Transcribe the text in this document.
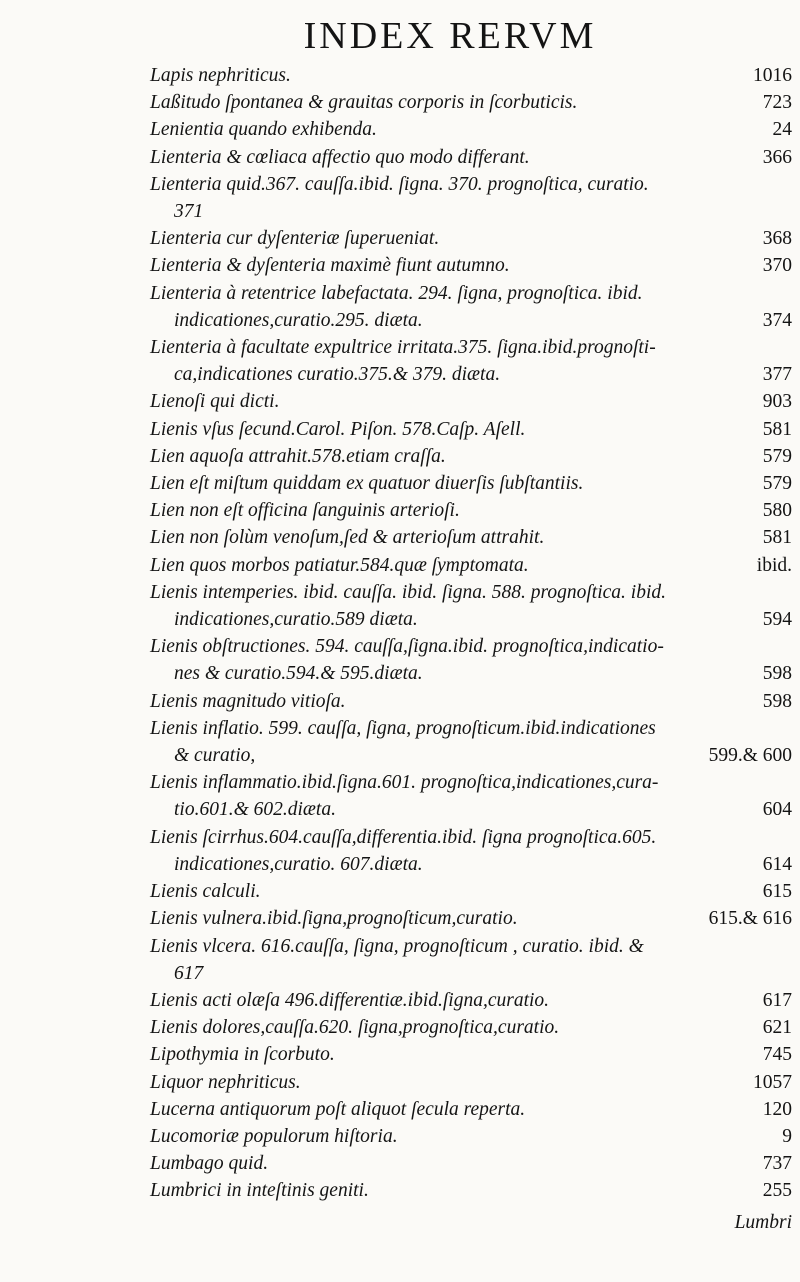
INDEX RERVM
Lapis nephriticus.	1016
Laßitudo ſpontanea & grauitas corporis in ſcorbuticis.	723
Lenientia quando exhibenda.	24
Lienteria & cœliaca affectio quo modo differant.	366
Lienteria quid.367. cauſſa.ibid. ſigna. 370. prognoſtica, curatio.
371
Lienteria cur dyſenteriæ ſuperueniat.	368
Lienteria & dyſenteria maximè fiunt autumno.	370
Lienteria à retentrice labefactata. 294. ſigna, prognoſtica. ibid.
indicationes,curatio.295. diæta.	374
Lienteria à facultate expultrice irritata.375. ſigna.ibid.prognoſti-
ca,indicationes curatio.375.& 379. diæta.	377
Lienoſi qui dicti.	903
Lienis vſus ſecund.Carol. Piſon. 578.Caſp. Aſell.	581
Lien aquoſa attrahit.578.etiam craſſa.	579
Lien eſt miſtum quiddam ex quatuor diuerſis ſubſtantiis.	579
Lien non eſt officina ſanguinis arterioſi.	580
Lien non ſolùm venoſum,ſed & arterioſum attrahit.	581
Lien quos morbos patiatur.584.quæ ſymptomata.	ibid.
Lienis intemperies. ibid. cauſſa. ibid. ſigna. 588. prognoſtica. ibid.
indicationes,curatio.589 diæta.	594
Lienis obſtructiones. 594. cauſſa,ſigna.ibid. prognoſtica,indicatio-
nes & curatio.594.& 595.diæta.	598
Lienis magnitudo vitioſa.	598
Lienis inflatio. 599. cauſſa, ſigna, prognoſticum.ibid.indicationes
& curatio,	599.& 600
Lienis inflammatio.ibid.ſigna.601. prognoſtica,indicationes,cura-
tio.601.& 602.diæta.	604
Lienis ſcirrhus.604.cauſſa,differentia.ibid. ſigna prognoſtica.605.
indicationes,curatio. 607.diæta.	614
Lienis calculi.	615
Lienis vulnera.ibid.ſigna,prognoſticum,curatio.	615.& 616
Lienis vlcera. 616.cauſſa, ſigna, prognoſticum , curatio. ibid. &
617
Lienis acti olæſa 496.differentiæ.ibid.ſigna,curatio.	617
Lienis dolores,cauſſa.620. ſigna,prognoſtica,curatio.	621
Lipothymia in ſcorbuto.	745
Liquor nephriticus.	1057
Lucerna antiquorum poſt aliquot ſecula reperta.	120
Lucomoriæ populorum hiſtoria.	9
Lumbago quid.	737
Lumbrici in inteſtinis geniti.	255
Lumbri
